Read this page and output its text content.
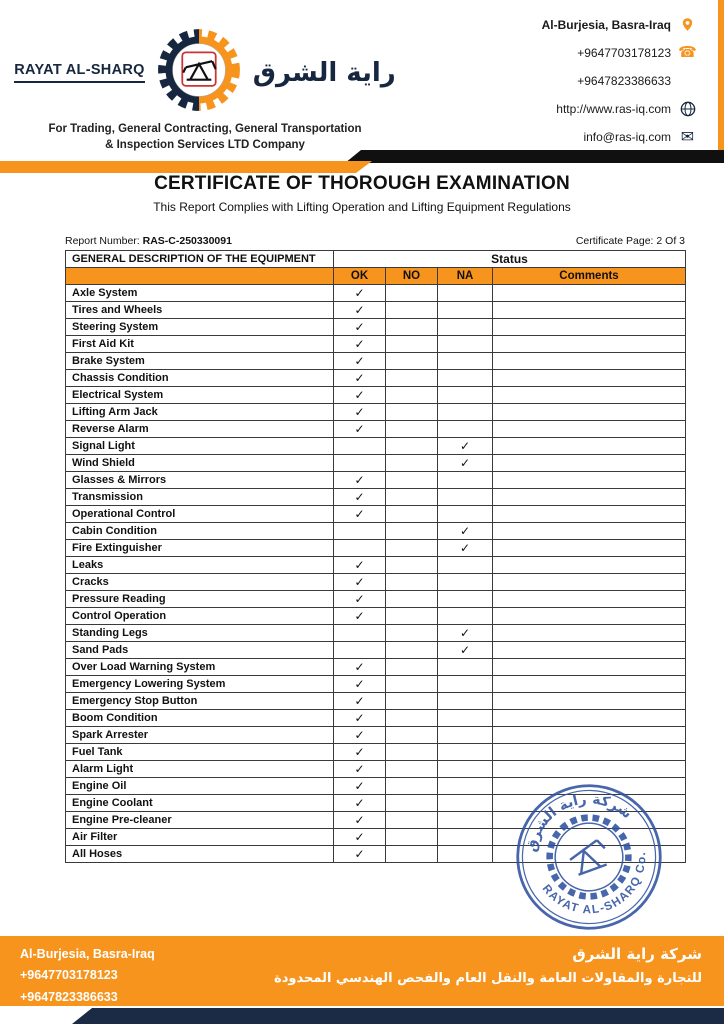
Al-Burjesia, Basra-Iraq
+9647703178123 ☎
+9647823386633
http://www.ras-iq.com
info@ras-iq.com ✉
RAYAT AL-SHARQ	راية الشرق
For Trading, General Contracting, General Transportation
& Inspection Services LTD Company
CERTIFICATE OF THOROUGH EXAMINATION
This Report Complies with Lifting Operation and Lifting Equipment Regulations
Report Number: RAS-C-250330091	Certificate Page: 2 Of 3
GENERAL DESCRIPTION OF THE EQUIPMENT	Status			
	OK	NO	NA	Comments
Axle System	✓			
Tires and Wheels	✓			
Steering System	✓			
First Aid Kit	✓			
Brake System	✓			
Chassis Condition	✓			
Electrical System	✓			
Lifting Arm Jack	✓			
Reverse Alarm	✓			
Signal Light			✓	
Wind Shield			✓	
Glasses & Mirrors	✓			
Transmission	✓			
Operational Control	✓			
Cabin Condition			✓	
Fire Extinguisher			✓	
Leaks	✓			
Cracks	✓			
Pressure Reading	✓			
Control Operation	✓			
Standing Legs			✓	
Sand Pads			✓	
Over Load Warning System	✓			
Emergency Lowering System	✓			
Emergency Stop Button	✓			
Boom Condition	✓			
Spark Arrester	✓			
Fuel Tank	✓			
Alarm Light	✓			
Engine Oil	✓			
Engine Coolant	✓			
Engine Pre-cleaner	✓			
Air Filter	✓			
All Hoses	✓			
شركة راية الشرق
RAYAT AL-SHARQ Co.
Al-Burjesia, Basra-Iraq
+9647703178123
+9647823386633
شركة راية الشرق
للتجارة والمقاولات العامة والنقل العام والفحص الهندسي المحدودة
